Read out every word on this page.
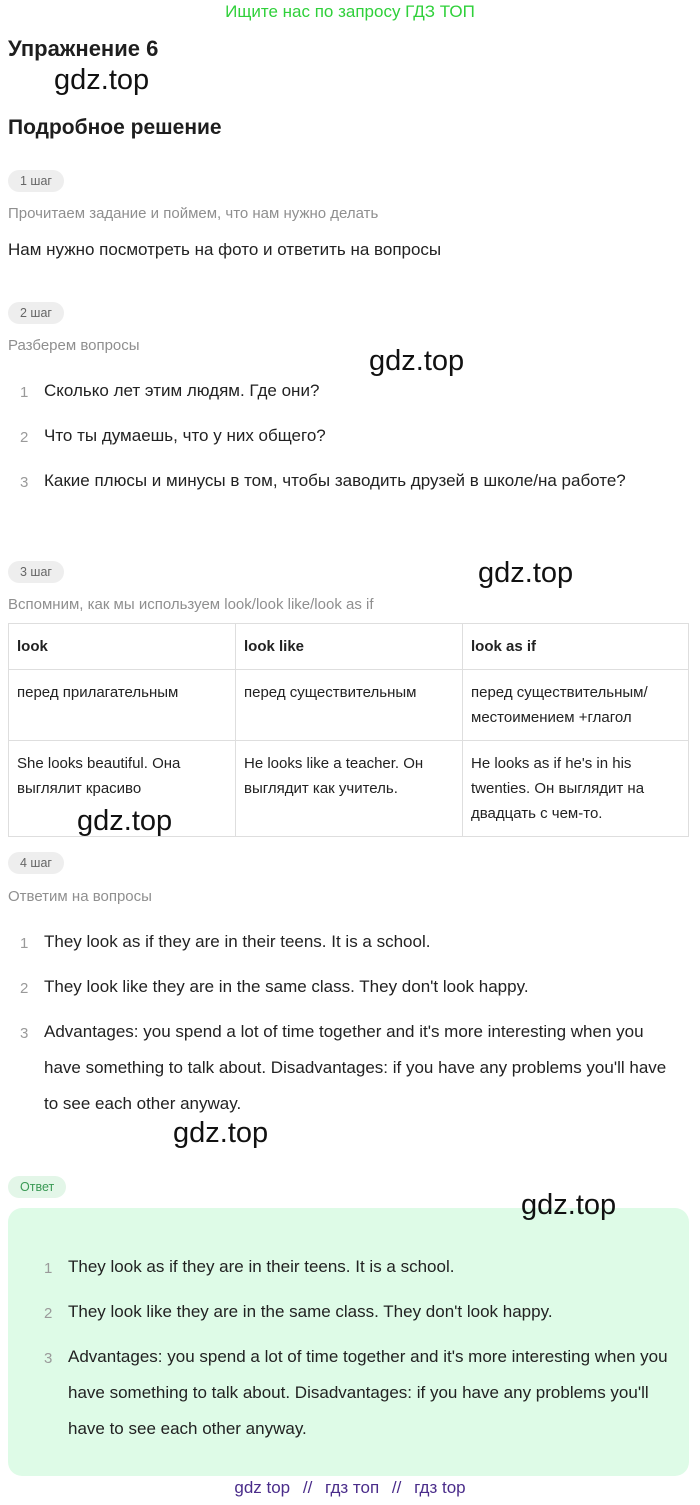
Ищите нас по запросу ГДЗ ТОП
Упражнение 6
gdz.top
Подробное решение
1 шаг
Прочитаем задание и поймем, что нам нужно делать
Нам нужно посмотреть на фото и ответить на вопросы
2 шаг
Разберем вопросы	gdz.top
1 Сколько лет этим людям. Где они?
2 Что ты думаешь, что у них общего?
3 Какие плюсы и минусы в том, чтобы заводить друзей в школе/на работе?
3 шаг	gdz.top
Вспомним, как мы используем look/look like/look as if
look	look like	look as if
перед прилагательным	перед существительным	перед существительным/ местоимением +глагол
She looks beautiful. Она выглялит красиво	He looks like a teacher. Он выглядит как учитель.	He looks as if he's in his twenties. Он выглядит на двадцать с чем-то.
gdz.top
4 шаг
Ответим на вопросы
1 They look as if they are in their teens. It is a school.
2 They look like they are in the same class. They don't look happy.
3 Advantages: you spend a lot of time together and it's more interesting when you have something to talk about. Disadvantages: if you have any problems you'll have to see each other anyway.
gdz.top
Ответ
gdz.top
1 They look as if they are in their teens. It is a school.
2 They look like they are in the same class. They don't look happy.
3 Advantages: you spend a lot of time together and it's more interesting when you have something to talk about. Disadvantages: if you have any problems you'll have to see each other anyway.
gdz top // гдз топ // гдз top
